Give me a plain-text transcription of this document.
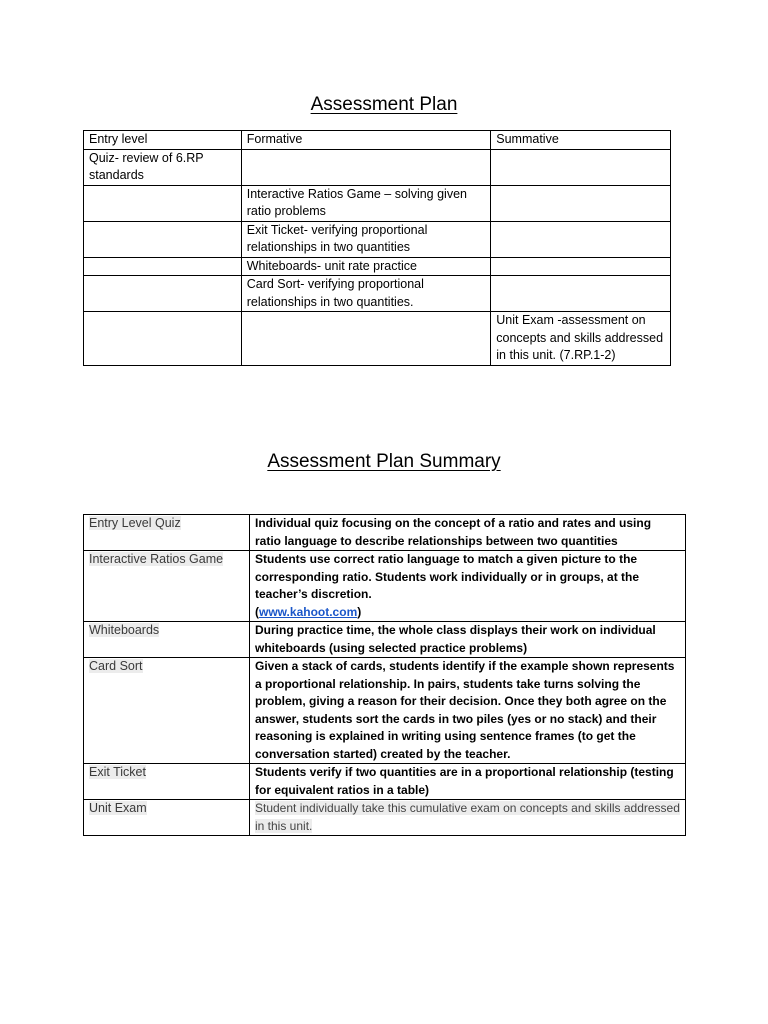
Assessment Plan
Entry level	Formative	Summative
Quiz- review of 6.RP standards		
	Interactive Ratios Game – solving given ratio problems	
	Exit Ticket- verifying proportional relationships in two quantities	
	Whiteboards- unit rate practice	
	Card Sort- verifying proportional relationships in two quantities.	
		Unit Exam -assessment on concepts and skills addressed in this unit. (7.RP.1-2)
Assessment Plan Summary
Entry Level Quiz	Individual quiz focusing on the concept of a ratio and rates and using ratio language to describe relationships between two quantities
Interactive Ratios Game	Students use correct ratio language to match a given picture to the corresponding ratio. Students work individually or in groups, at the teacher’s discretion.
(www.kahoot.com)
Whiteboards	During practice time, the whole class displays their work on individual whiteboards (using selected practice problems)
Card Sort	Given a stack of cards, students identify if the example shown represents a proportional relationship. In pairs, students take turns solving the problem, giving a reason for their decision. Once they both agree on the answer, students sort the cards in two piles (yes or no stack) and their reasoning is explained in writing using sentence frames (to get the conversation started) created by the teacher.
Exit Ticket	Students verify if two quantities are in a proportional relationship (testing for equivalent ratios in a table)
Unit Exam	Student individually take this cumulative exam on concepts and skills addressed in this unit.
